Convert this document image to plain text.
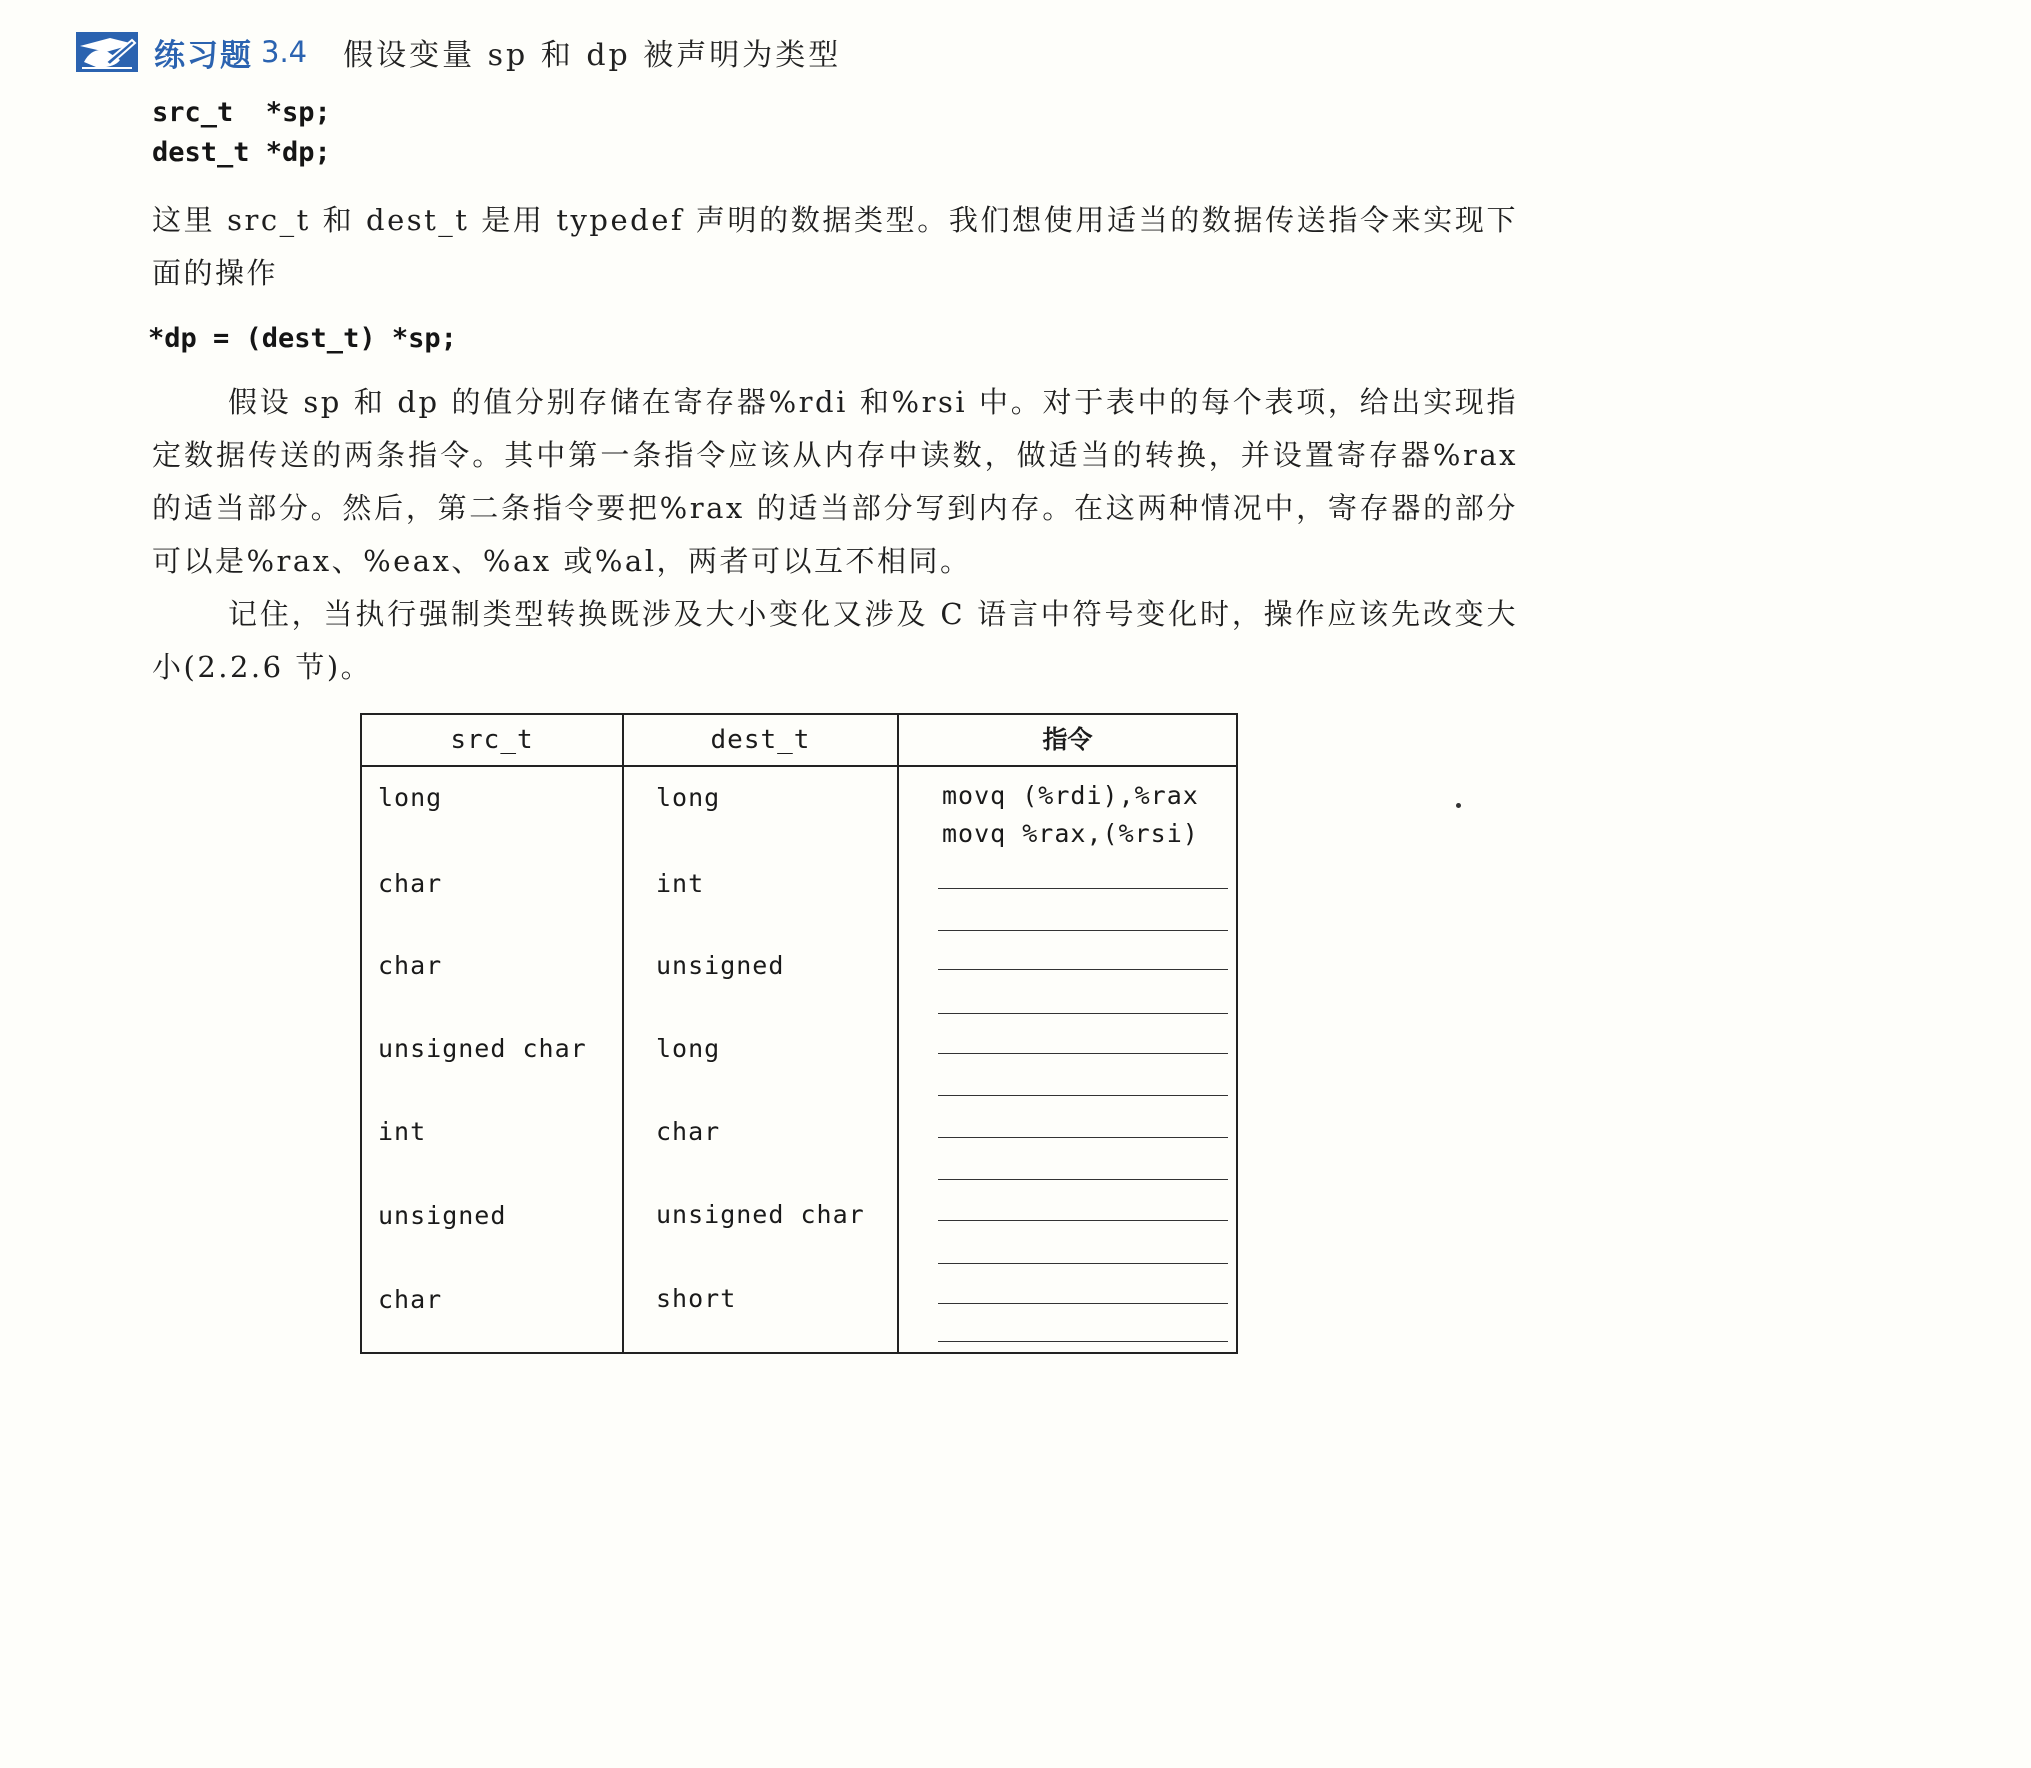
练习题 3.4 假设变量 sp 和 dp 被声明为类型
src_t  *sp;
dest_t *dp;
这里 src_t 和 dest_t 是用 typedef 声明的数据类型。我们想使用适当的数据传送指令来实现下面的操作
*dp = (dest_t) *sp;
假设 sp 和 dp 的值分别存储在寄存器%rdi 和%rsi 中。对于表中的每个表项，给出实现指定数据传送的两条指令。其中第一条指令应该从内存中读数，做适当的转换，并设置寄存器%rax 的适当部分。然后，第二条指令要把%rax 的适当部分写到内存。在这两种情况中，寄存器的部分可以是%rax、%eax、%ax 或%al，两者可以互不相同。
记住，当执行强制类型转换既涉及大小变化又涉及 C 语言中符号变化时，操作应该先改变大小(2.2.6 节)。
src_t	dest_t	指令
long	long	movq (%rdi),%rax
movq %rax,(%rsi)
char	int
char	unsigned
unsigned char	long
int	char
unsigned	unsigned char
char	short
